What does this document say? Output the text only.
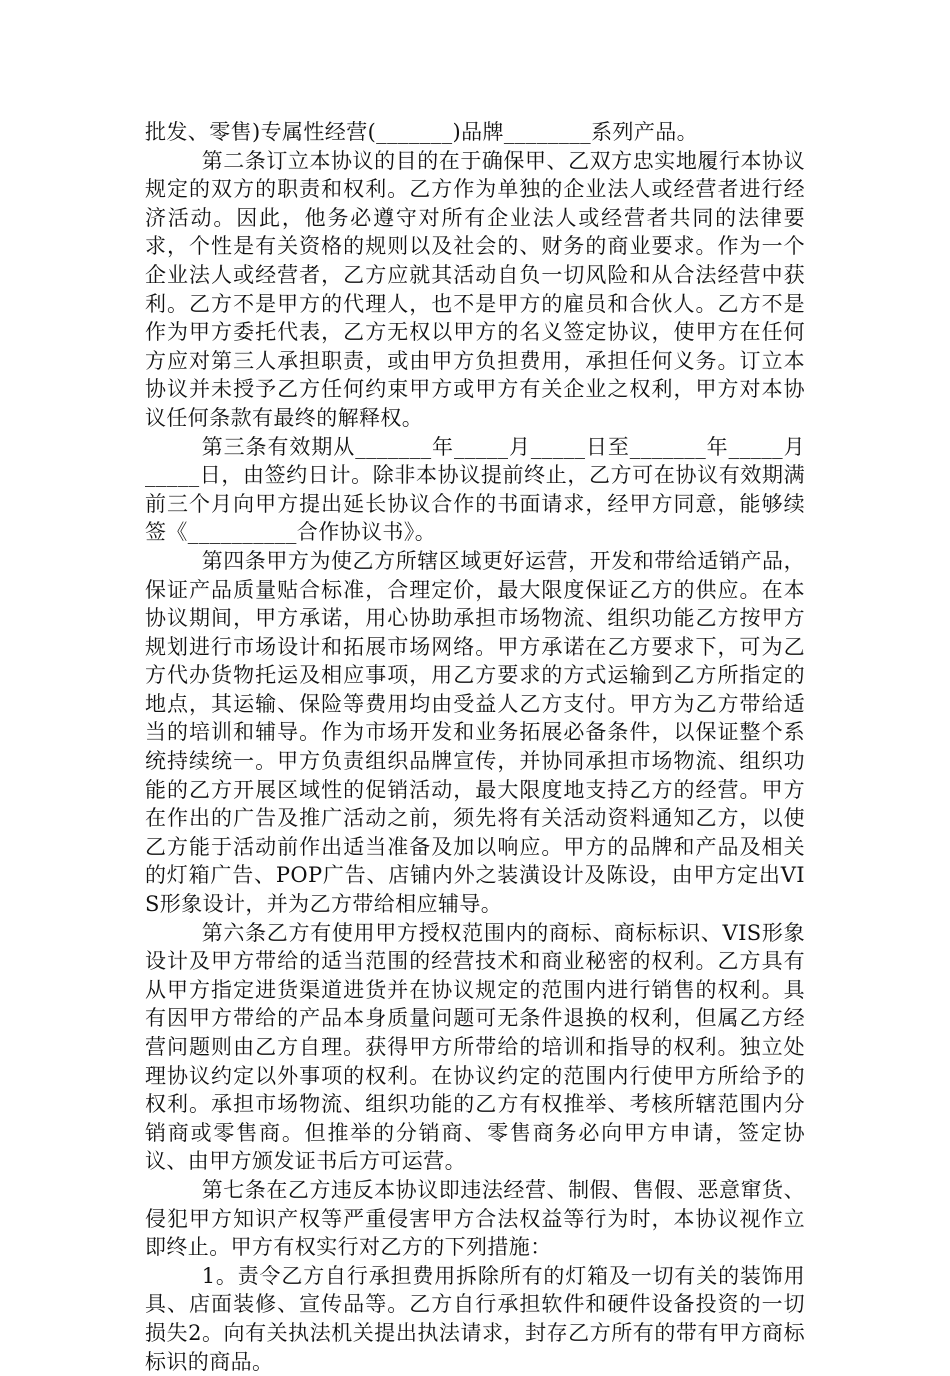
批发、零售)专属性经营(_______)品牌________系列产品。

第二条订立本协议的目的在于确保甲、乙双方忠实地履行本协议规定的双方的职责和权利。乙方作为单独的企业法人或经营者进行经济活动。因此，他务必遵守对所有企业法人或经营者共同的法律要求，个性是有关资格的规则以及社会的、财务的商业要求。作为一个企业法人或经营者，乙方应就其活动自负一切风险和从合法经营中获利。乙方不是甲方的代理人，也不是甲方的雇员和合伙人。乙方不是作为甲方委托代表，乙方无权以甲方的名义签定协议，使甲方在任何方应对第三人承担职责，或由甲方负担费用，承担任何义务。订立本协议并未授予乙方任何约束甲方或甲方有关企业之权利，甲方对本协议任何条款有最终的解释权。

第三条有效期从_______年_____月_____日至_______年_____月_____日，由签约日计。除非本协议提前终止，乙方可在协议有效期满前三个月向甲方提出延长协议合作的书面请求，经甲方同意，能够续签《__________合作协议书》。

第四条甲方为使乙方所辖区域更好运营，开发和带给适销产品，保证产品质量贴合标准，合理定价，最大限度保证乙方的供应。在本协议期间，甲方承诺，用心协助承担市场物流、组织功能乙方按甲方规划进行市场设计和拓展市场网络。甲方承诺在乙方要求下，可为乙方代办货物托运及相应事项，用乙方要求的方式运输到乙方所指定的地点，其运输、保险等费用均由受益人乙方支付。甲方为乙方带给适当的培训和辅导。作为市场开发和业务拓展必备条件，以保证整个系统持续统一。甲方负责组织品牌宣传，并协同承担市场物流、组织功能的乙方开展区域性的促销活动，最大限度地支持乙方的经营。甲方在作出的广告及推广活动之前，须先将有关活动资料通知乙方，以使乙方能于活动前作出适当准备及加以响应。甲方的品牌和产品及相关的灯箱广告、POP广告、店铺内外之装潢设计及陈设，由甲方定出VIS形象设计，并为乙方带给相应辅导。

第六条乙方有使用甲方授权范围内的商标、商标标识、VIS形象设计及甲方带给的适当范围的经营技术和商业秘密的权利。乙方具有从甲方指定进货渠道进货并在协议规定的范围内进行销售的权利。具有因甲方带给的产品本身质量问题可无条件退换的权利，但属乙方经营问题则由乙方自理。获得甲方所带给的培训和指导的权利。独立处理协议约定以外事项的权利。在协议约定的范围内行使甲方所给予的权利。承担市场物流、组织功能的乙方有权推举、考核所辖范围内分销商或零售商。但推举的分销商、零售商务必向甲方申请，签定协议、由甲方颁发证书后方可运营。

第七条在乙方违反本协议即违法经营、制假、售假、恶意窜货、侵犯甲方知识产权等严重侵害甲方合法权益等行为时，本协议视作立即终止。甲方有权实行对乙方的下列措施：

1。责令乙方自行承担费用拆除所有的灯箱及一切有关的装饰用具、店面装修、宣传品等。乙方自行承担软件和硬件设备投资的一切损失2。向有关执法机关提出执法请求，封存乙方所有的带有甲方商标标识的商品。
